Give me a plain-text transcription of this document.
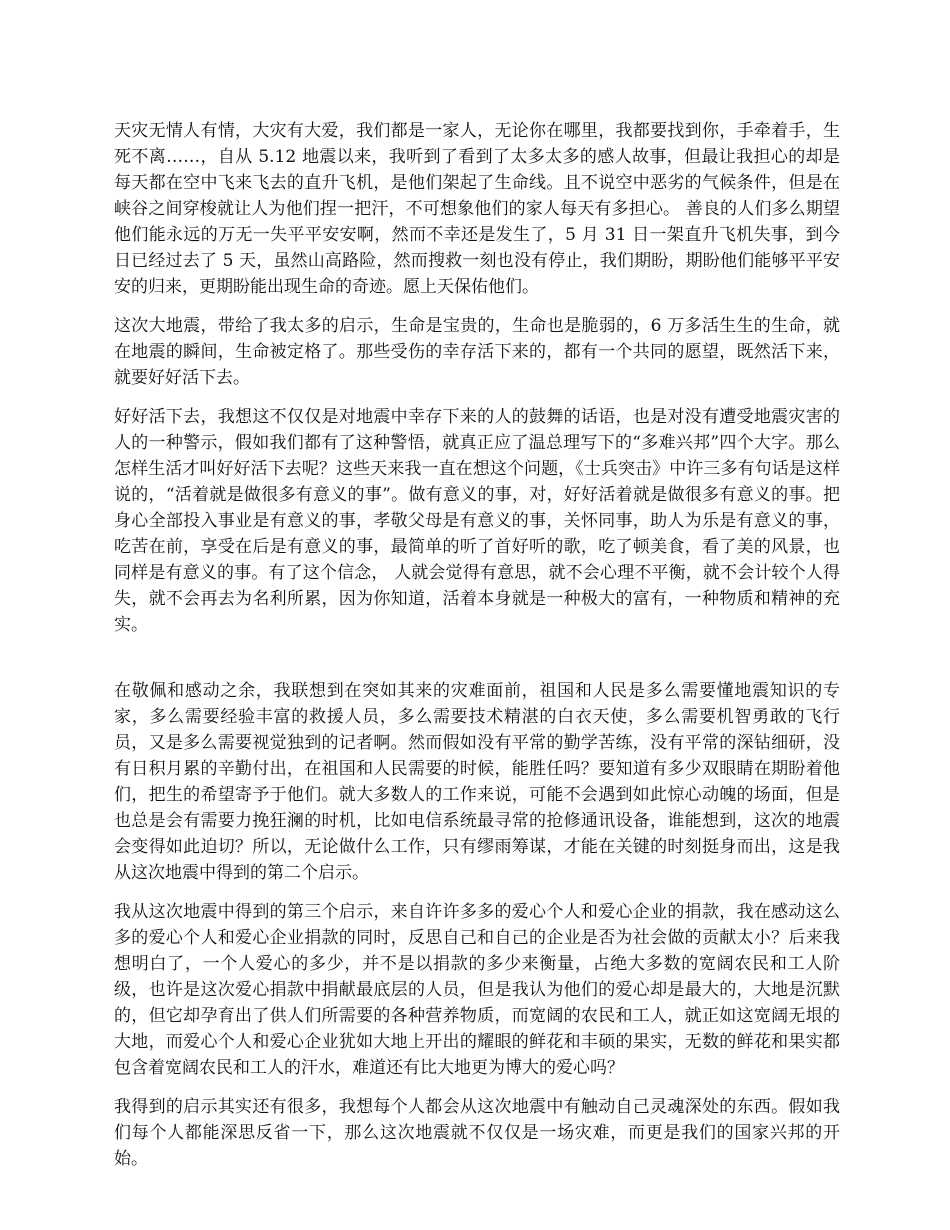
天灾无情人有情，大灾有大爱，我们都是一家人，无论你在哪里，我都要找到你，手牵着手，生死不离……，自从 5.12 地震以来，我听到了看到了太多太多的感人故事，但最让我担心的却是每天都在空中飞来飞去的直升飞机，是他们架起了生命线。且不说空中恶劣的气候条件，但是在峡谷之间穿梭就让人为他们捏一把汗，不可想象他们的家人每天有多担心。 善良的人们多么期望他们能永远的万无一失平平安安啊，然而不幸还是发生了，5 月 31 日一架直升飞机失事，到今日已经过去了 5 天，虽然山高路险，然而搜救一刻也没有停止，我们期盼，期盼他们能够平平安安的归来，更期盼能出现生命的奇迹。愿上天保佑他们。

这次大地震，带给了我太多的启示，生命是宝贵的，生命也是脆弱的，6 万多活生生的生命，就在地震的瞬间，生命被定格了。那些受伤的幸存活下来的，都有一个共同的愿望，既然活下来，就要好好活下去。

好好活下去，我想这不仅仅是对地震中幸存下来的人的鼓舞的话语，也是对没有遭受地震灾害的人的一种警示，假如我们都有了这种警悟，就真正应了温总理写下的“多难兴邦”四个大字。那么怎样生活才叫好好活下去呢？这些天来我一直在想这个问题，《士兵突击》中许三多有句话是这样说的，“活着就是做很多有意义的事”。做有意义的事，对，好好活着就是做很多有意义的事。把身心全部投入事业是有意义的事，孝敬父母是有意义的事，关怀同事，助人为乐是有意义的事，吃苦在前，享受在后是有意义的事，最简单的听了首好听的歌，吃了顿美食，看了美的风景，也同样是有意义的事。有了这个信念， 人就会觉得有意思，就不会心理不平衡，就不会计较个人得失，就不会再去为名利所累，因为你知道，活着本身就是一种极大的富有，一种物质和精神的充实。

在敬佩和感动之余，我联想到在突如其来的灾难面前，祖国和人民是多么需要懂地震知识的专家，多么需要经验丰富的救援人员，多么需要技术精湛的白衣天使，多么需要机智勇敢的飞行员，又是多么需要视觉独到的记者啊。然而假如没有平常的勤学苦练，没有平常的深钻细研，没有日积月累的辛勤付出，在祖国和人民需要的时候，能胜任吗？要知道有多少双眼睛在期盼着他们，把生的希望寄予于他们。就大多数人的工作来说，可能不会遇到如此惊心动魄的场面，但是也总是会有需要力挽狂澜的时机，比如电信系统最寻常的抢修通讯设备，谁能想到，这次的地震会变得如此迫切？所以，无论做什么工作，只有缪雨筹谋，才能在关键的时刻挺身而出，这是我从这次地震中得到的第二个启示。

我从这次地震中得到的第三个启示，来自许许多多的爱心个人和爱心企业的捐款，我在感动这么多的爱心个人和爱心企业捐款的同时，反思自己和自己的企业是否为社会做的贡献太小？后来我想明白了，一个人爱心的多少，并不是以捐款的多少来衡量，占绝大多数的宽阔农民和工人阶级，也许是这次爱心捐款中捐献最底层的人员，但是我认为他们的爱心却是最大的，大地是沉默的，但它却孕育出了供人们所需要的各种营养物质，而宽阔的农民和工人，就正如这宽阔无垠的大地，而爱心个人和爱心企业犹如大地上开出的耀眼的鲜花和丰硕的果实，无数的鲜花和果实都包含着宽阔农民和工人的汗水，难道还有比大地更为博大的爱心吗？

我得到的启示其实还有很多，我想每个人都会从这次地震中有触动自己灵魂深处的东西。假如我们每个人都能深思反省一下，那么这次地震就不仅仅是一场灾难，而更是我们的国家兴邦的开始。
